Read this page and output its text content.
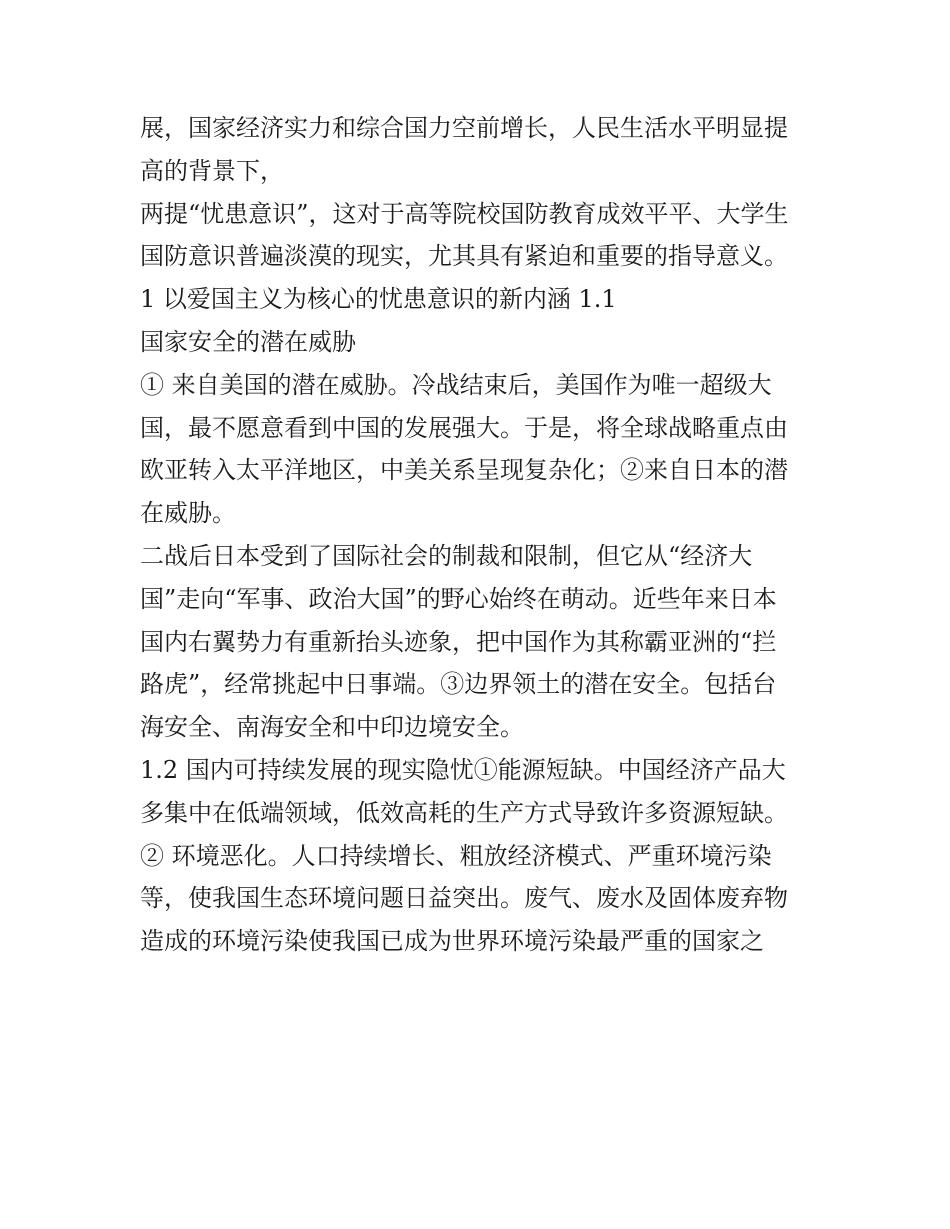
展，国家经济实力和综合国力空前增长，人民生活水平明显提
高的背景下，
两提“忧患意识”，这对于高等院校国防教育成效平平、大学生
国防意识普遍淡漠的现实，尤其具有紧迫和重要的指导意义。
1 以爱国主义为核心的忧患意识的新内涵 1.1
国家安全的潜在威胁
① 来自美国的潜在威胁。冷战结束后，美国作为唯一超级大
国，最不愿意看到中国的发展强大。于是，将全球战略重点由
欧亚转入太平洋地区，中美关系呈现复杂化；②来自日本的潜
在威胁。
二战后日本受到了国际社会的制裁和限制，但它从“经济大
国”走向“军事、政治大国”的野心始终在萌动。近些年来日本
国内右翼势力有重新抬头迹象，把中国作为其称霸亚洲的“拦
路虎”，经常挑起中日事端。③边界领土的潜在安全。包括台
海安全、南海安全和中印边境安全。
1.2 国内可持续发展的现实隐忧①能源短缺。中国经济产品大
多集中在低端领域，低效高耗的生产方式导致许多资源短缺。
② 环境恶化。人口持续增长、粗放经济模式、严重环境污染
等，使我国生态环境问题日益突出。废气、废水及固体废弃物
造成的环境污染使我国已成为世界环境污染最严重的国家之
